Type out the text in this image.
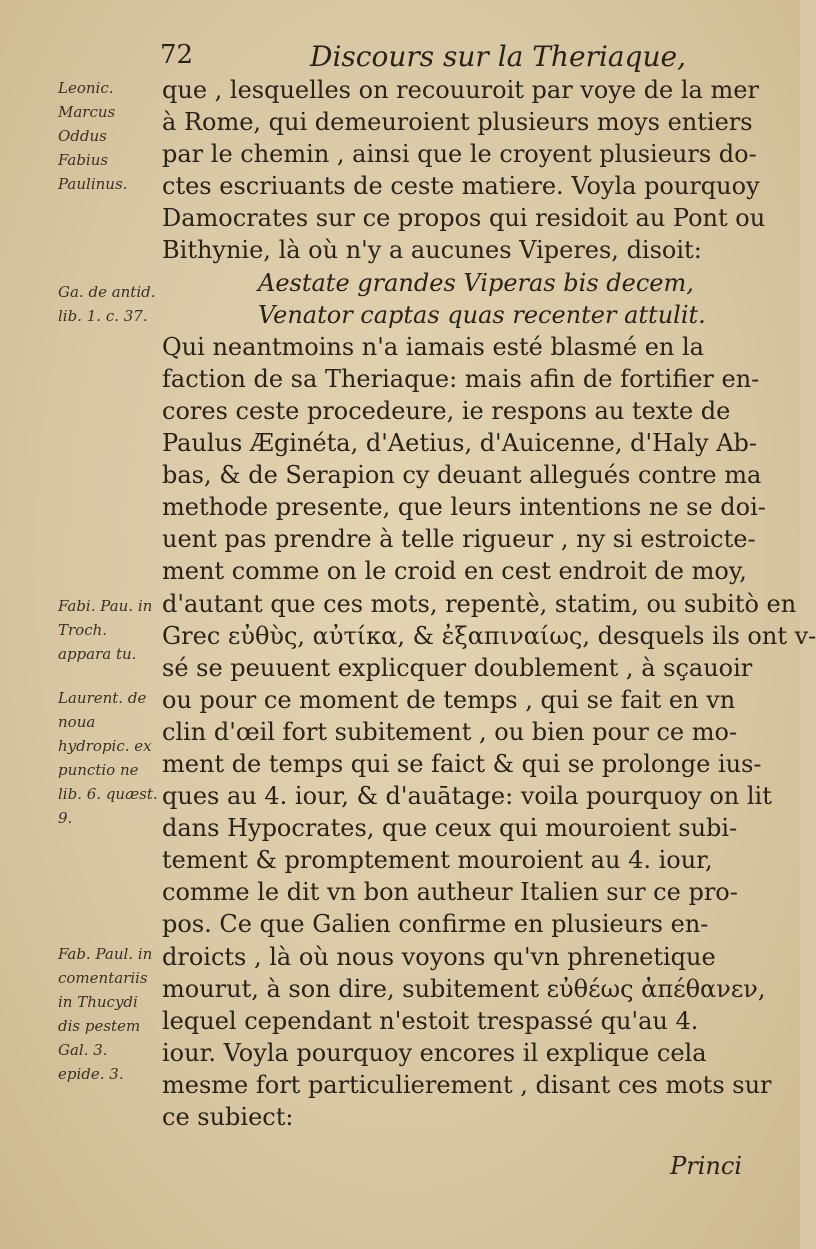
72	Discours sur la Theriaque,
Leonic. Marcus Oddus Fabius Paulinus.
Ga. de antid. lib. 1. c. 37.
Fabi. Pau. in Troch. appara tu.
Laurent. de noua hydropic. ex punctio ne lib. 6. quæst. 9.
Fab. Paul. in comentariis in Thucydi dis pestem Gal. 3. epide. 3.
que , lesquelles on recouuroit par voye de la mer
à Rome, qui demeuroient plusieurs moys entiers
par le chemin , ainsi que le croyent plusieurs do-
ctes escriuants de ceste matiere. Voyla pourquoy
Damocrates sur ce propos qui residoit au Pont ou
Bithynie, là où n'y a aucunes Viperes, disoit:
Aestate grandes Viperas bis decem,
Venator captas quas recenter attulit.
Qui neantmoins n'a iamais esté blasmé en la
faction de sa Theriaque: mais afin de fortifier en-
cores ceste procedeure, ie respons au texte de
Paulus Æginéta, d'Aetius, d'Auicenne, d'Haly Ab-
bas, & de Serapion cy deuant allegués contre ma
methode presente, que leurs intentions ne se doi-
uent pas prendre à telle rigueur , ny si estroicte-
ment comme on le croid en cest endroit de moy,
d'autant que ces mots, repentè, statim, ou subitò en
Grec εὐθὺς, αὐτίκα, & ἐξαπιναίως, desquels ils ont v-
sé se peuuent explicquer doublement , à sçauoir
ou pour ce moment de temps , qui se fait en vn
clin d'œil fort subitement , ou bien pour ce mo-
ment de temps qui se faict & qui se prolonge ius-
ques au 4. iour, & d'auātage: voila pourquoy on lit
dans Hypocrates, que ceux qui mouroient subi-
tement & promptement mouroient au 4. iour,
comme le dit vn bon autheur Italien sur ce pro-
pos. Ce que Galien confirme en plusieurs en-
droicts , là où nous voyons qu'vn phrenetique
mourut, à son dire, subitement εὐθέως ἀπέθανεν,
lequel cependant n'estoit trespassé qu'au 4.
iour. Voyla pourquoy encores il explique cela
mesme fort particulierement , disant ces mots sur
ce subiect:
Princi
